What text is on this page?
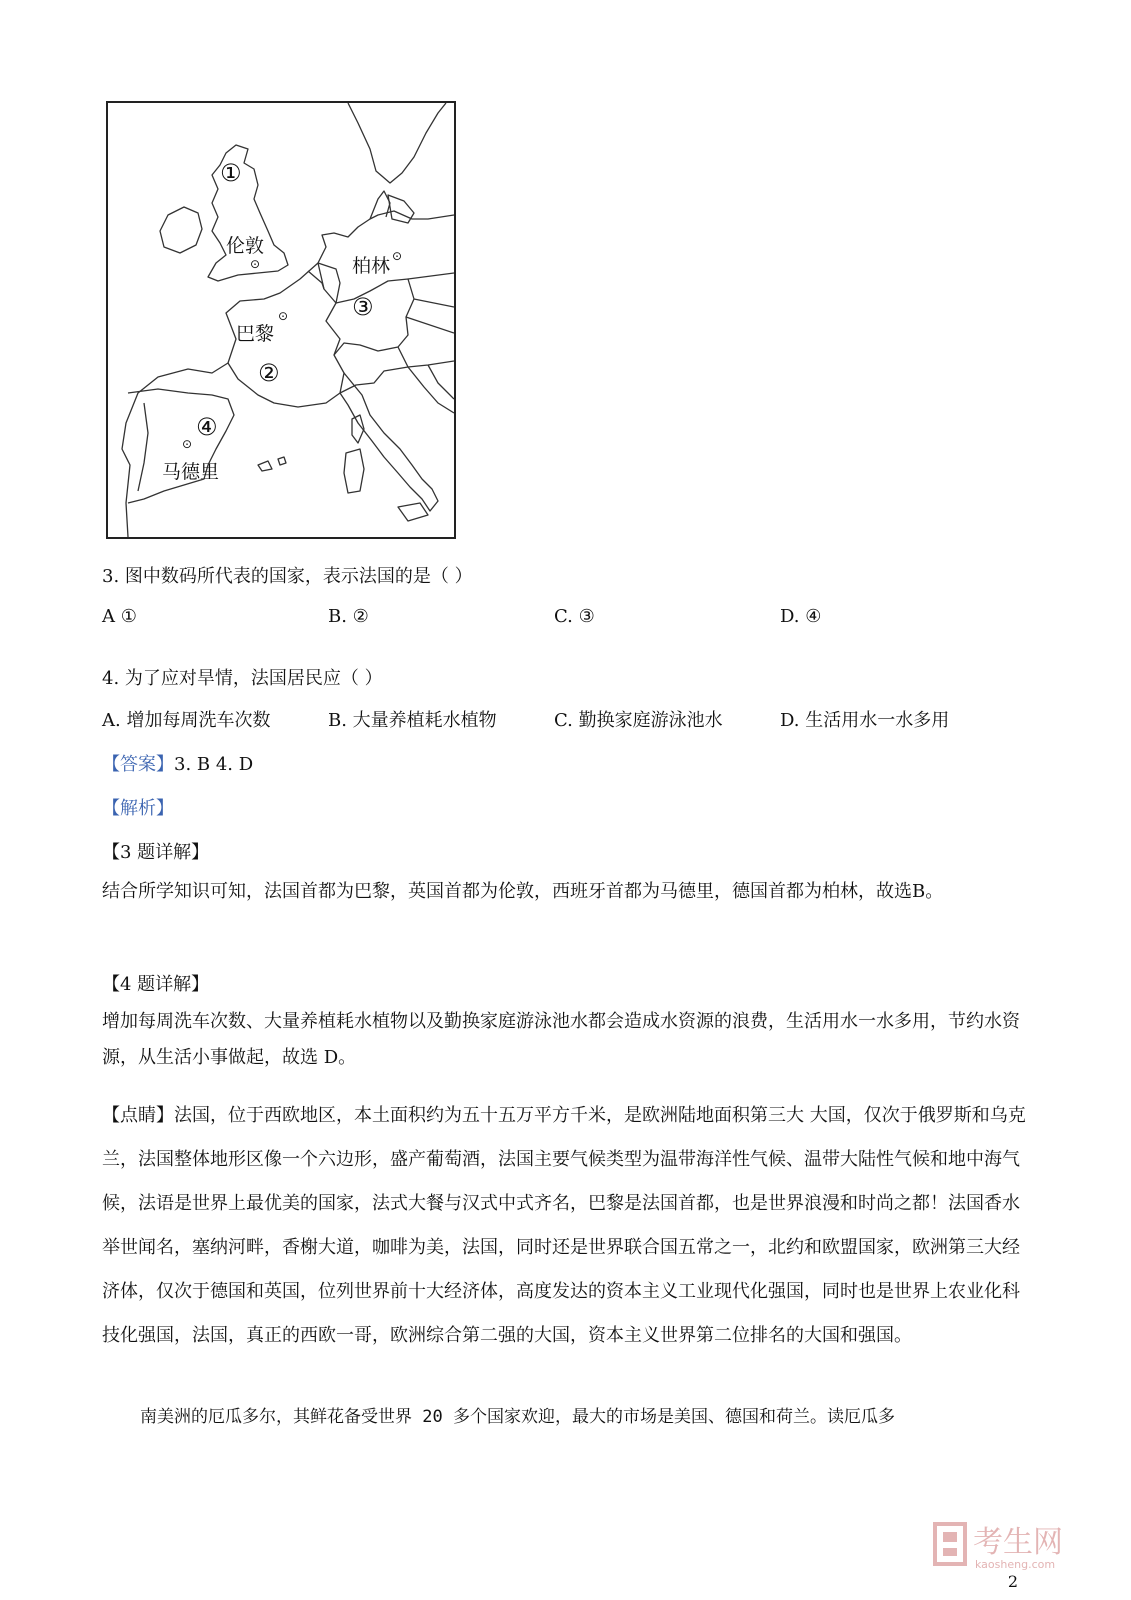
①
伦敦
⊙	柏林 ⊙
③
⊙
巴黎
②
④
⊙
马德里
3. 图中数码所代表的国家，表示法国的是（ ）
A ①	B. ②	C. ③	D. ④
4. 为了应对旱情，法国居民应（ ）
A. 增加每周洗车次数	B. 大量养植耗水植物	C. 勤换家庭游泳池水	D. 生活用水一水多用
【答案】3. B 4. D
【解析】
【3 题详解】
结合所学知识可知，法国首都为巴黎，英国首都为伦敦，西班牙首都为马德里，德国首都为柏林，故选B。
【4 题详解】
增加每周洗车次数、大量养植耗水植物以及勤换家庭游泳池水都会造成水资源的浪费，生活用水一水多用，节约水资源，从生活小事做起，故选 D。
【点睛】法国，位于西欧地区，本土面积约为五十五万平方千米，是欧洲陆地面积第三大 大国，仅次于俄罗斯和乌克兰，法国整体地形区像一个六边形，盛产葡萄酒，法国主要气候类型为温带海洋性气候、温带大陆性气候和地中海气候，法语是世界上最优美的国家，法式大餐与汉式中式齐名，巴黎是法国首都，也是世界浪漫和时尚之都！法国香水举世闻名，塞纳河畔，香榭大道，咖啡为美，法国，同时还是世界联合国五常之一，北约和欧盟国家，欧洲第三大经济体，仅次于德国和英国，位列世界前十大经济体，高度发达的资本主义工业现代化强国，同时也是世界上农业化科技化强国，法国，真正的西欧一哥，欧洲综合第二强的大国，资本主义世界第二位排名的大国和强国。
南美洲的厄瓜多尔，其鲜花备受世界 20 多个国家欢迎，最大的市场是美国、德国和荷兰。读厄瓜多
考生网
kaosheng.com
2
